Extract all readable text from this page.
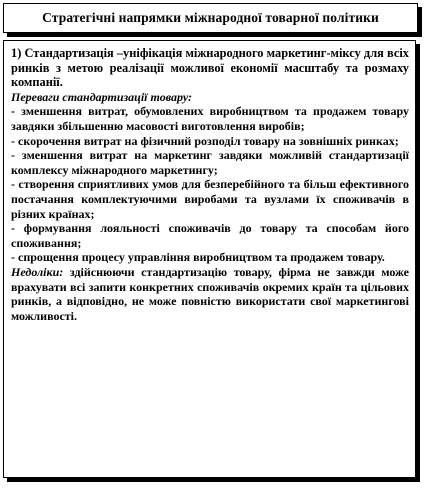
Стратегічні напрямки міжнародної товарної політики

1) Стандартизація –уніфікація міжнародного маркетинг-міксу для всіх ринків з метою реалізації можливої економії масштабу та розмаху компанії.

Переваги стандартизації товару:

- зменшення витрат, обумовлених виробництвом та продажем товару завдяки збільшенню масовості виготовлення виробів;

- скорочення витрат на фізичний розподіл товару на зовнішніх ринках;

- зменшення витрат на маркетинг завдяки можливій стандартизації комплексу міжнародного маркетингу;

- створення сприятливих умов для безперебійного та більш ефективного постачання комплектуючими виробами та вузлами їх споживачів в різних країнах;

- формування лояльності споживачів до товару та способам його споживання;

- спрощення процесу управління виробництвом та продажем товару.

Недоліки: здійснюючи стандартизацію товару, фірма не завжди може врахувати всі запити конкретних споживачів окремих країн та цільових ринків, а відповідно, не може повністю використати свої маркетингові можливості.
